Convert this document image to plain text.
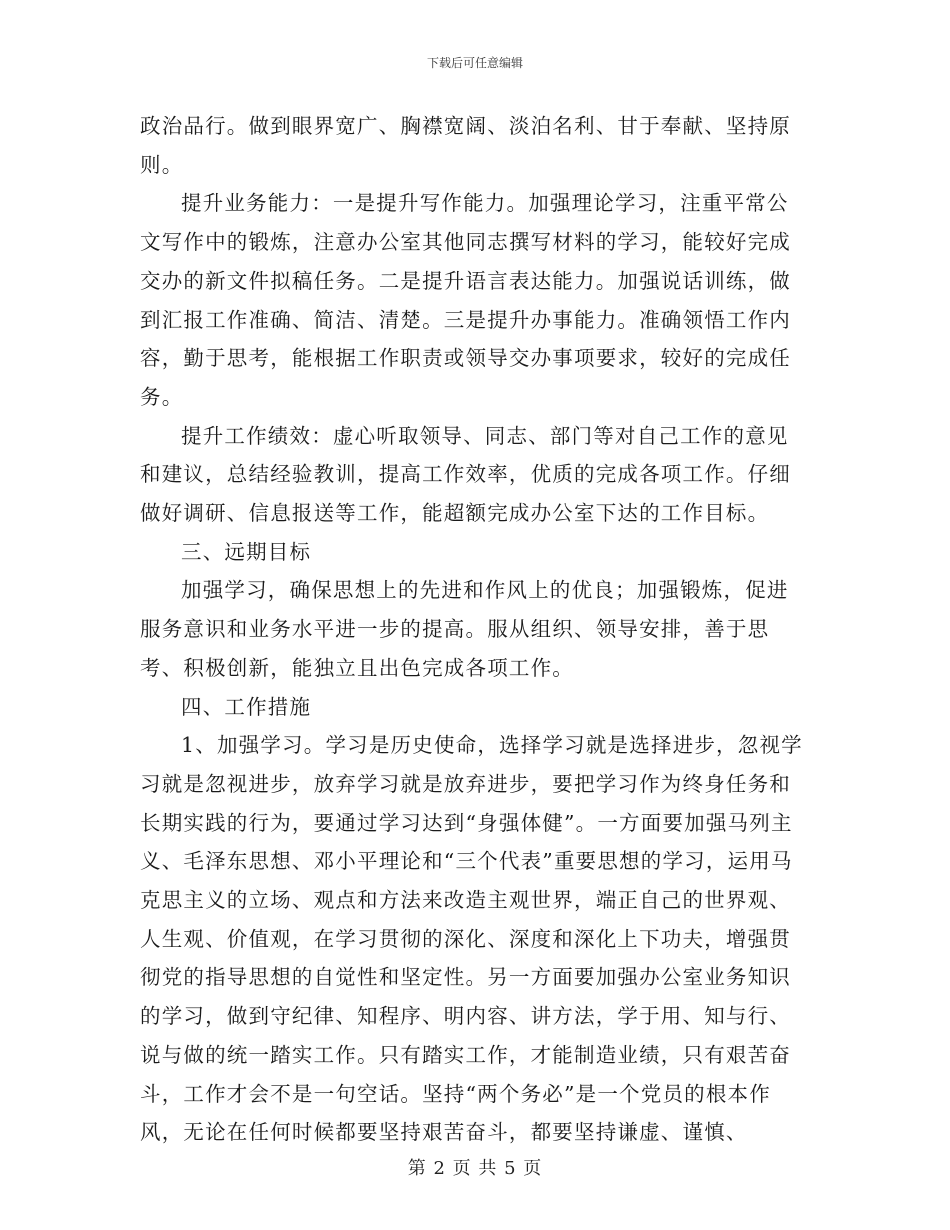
下载后可任意编辑

政治品行。做到眼界宽广、胸襟宽阔、淡泊名利、甘于奉献、坚持原则。

提升业务能力：一是提升写作能力。加强理论学习，注重平常公文写作中的锻炼，注意办公室其他同志撰写材料的学习，能较好完成交办的新文件拟稿任务。二是提升语言表达能力。加强说话训练，做到汇报工作准确、简洁、清楚。三是提升办事能力。准确领悟工作内容，勤于思考，能根据工作职责或领导交办事项要求，较好的完成任务。

提升工作绩效：虚心听取领导、同志、部门等对自己工作的意见和建议，总结经验教训，提高工作效率，优质的完成各项工作。仔细做好调研、信息报送等工作，能超额完成办公室下达的工作目标。

三、远期目标

加强学习，确保思想上的先进和作风上的优良；加强锻炼，促进服务意识和业务水平进一步的提高。服从组织、领导安排，善于思考、积极创新，能独立且出色完成各项工作。

四、工作措施

1、加强学习。学习是历史使命，选择学习就是选择进步，忽视学习就是忽视进步，放弃学习就是放弃进步，要把学习作为终身任务和长期实践的行为，要通过学习达到“身强体健”。一方面要加强马列主义、毛泽东思想、邓小平理论和“三个代表”重要思想的学习，运用马克思主义的立场、观点和方法来改造主观世界，端正自己的世界观、人生观、价值观，在学习贯彻的深化、深度和深化上下功夫，增强贯彻党的指导思想的自觉性和坚定性。另一方面要加强办公室业务知识的学习，做到守纪律、知程序、明内容、讲方法，学于用、知与行、说与做的统一踏实工作。只有踏实工作，才能制造业绩，只有艰苦奋斗，工作才会不是一句空话。坚持“两个务必”是一个党员的根本作风，无论在任何时候都要坚持艰苦奋斗，都要坚持谦虚、谨慎、

第 2 页 共 5 页
